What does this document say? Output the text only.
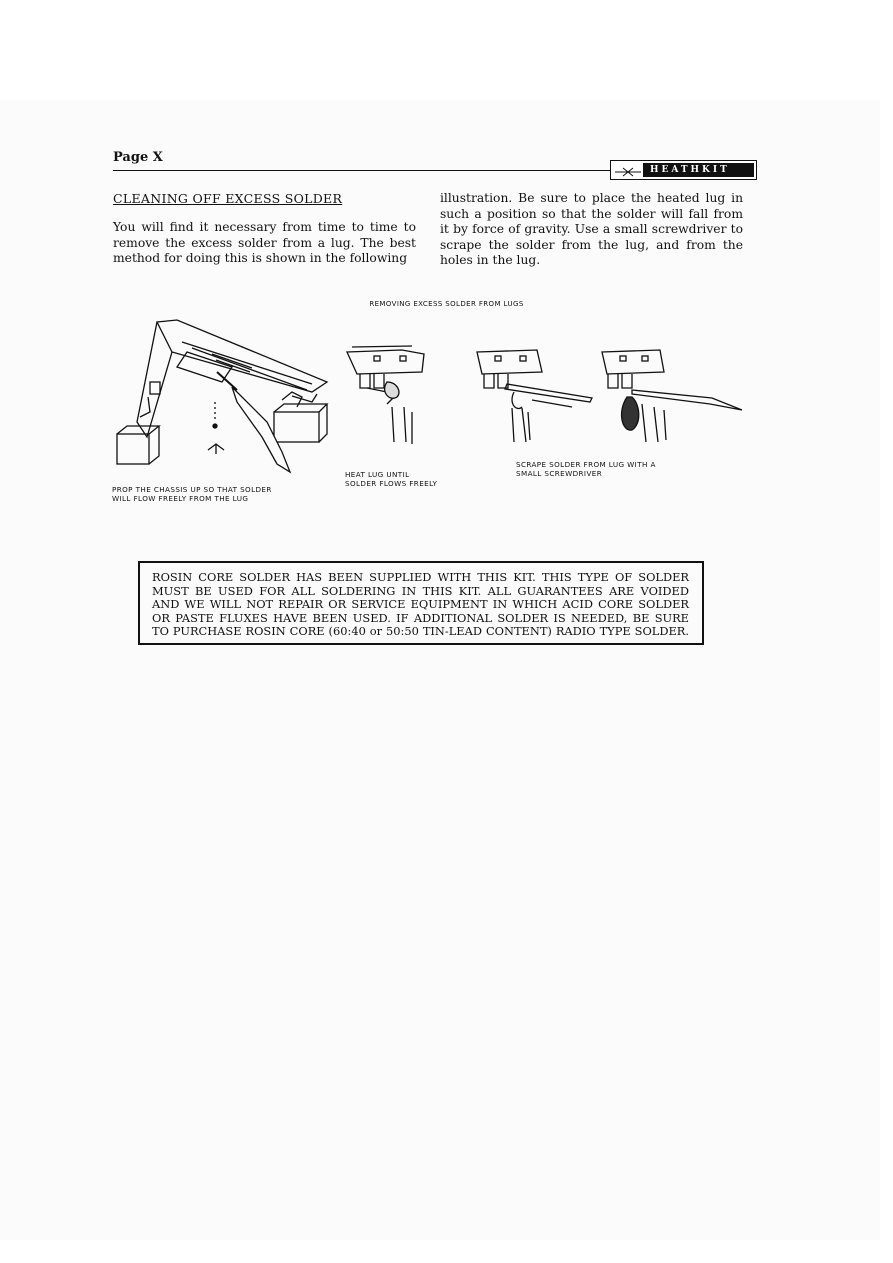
Page X
HEATHKIT
CLEANING OFF EXCESS SOLDER
You will find it necessary from time to time to remove the excess solder from a lug. The best method for doing this is shown in the following
illustration. Be sure to place the heated lug in such a position so that the solder will fall from it by force of gravity. Use a small screwdriver to scrape the solder from the lug, and from the holes in the lug.
REMOVING EXCESS SOLDER FROM LUGS
PROP THE CHASSIS UP SO THAT SOLDER
WILL FLOW FREELY FROM THE LUG
HEAT LUG UNTIL
SOLDER FLOWS FREELY
SCRAPE SOLDER FROM LUG WITH A
SMALL SCREWDRIVER

ROSIN CORE SOLDER HAS BEEN SUPPLIED WITH THIS KIT. THIS TYPE OF SOLDER

MUST BE USED FOR ALL SOLDERING IN THIS KIT. ALL GUARANTEES ARE VOIDED

AND WE WILL NOT REPAIR OR SERVICE EQUIPMENT IN WHICH ACID CORE SOLDER

OR PASTE FLUXES HAVE BEEN USED. IF ADDITIONAL SOLDER IS NEEDED, BE SURE

TO PURCHASE ROSIN CORE (60:40 or 50:50 TIN-LEAD CONTENT) RADIO TYPE SOLDER.
